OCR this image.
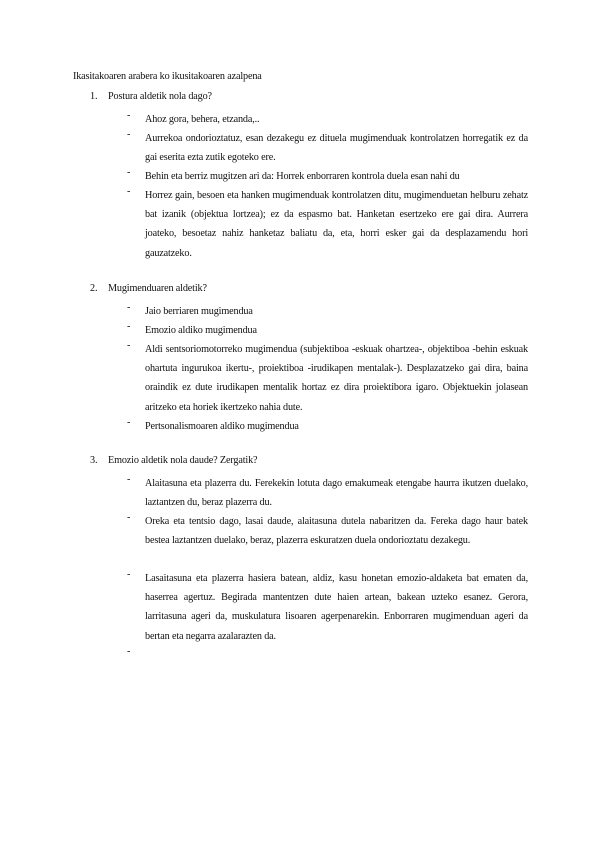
Ikasitakoaren arabera ko ikusitakoaren azalpena
1. Postura aldetik nola dago?
- Ahoz gora, behera, etzanda,..
- Aurrekoa ondorioztatuz, esan dezakegu ez dituela mugimenduak kontrolatzen horregatik ez da gai eserita ezta zutik egoteko ere.
- Behin eta berriz mugitzen ari da: Horrek enborraren kontrola duela esan nahi du
- Horrez gain, besoen eta hanken mugimenduak kontrolatzen ditu, mugimenduetan helburu zehatz bat izanik (objektua lortzea); ez da espasmo bat. Hanketan esertzeko ere gai dira. Aurrera joateko, besoetaz nahiz hanketaz baliatu da, eta, horri esker gai da desplazamendu hori gauzatzeko.
2. Mugimenduaren aldetik?
- Jaio berriaren mugimendua
- Emozio aldiko mugimendua
- Aldi sentsoriomotorreko mugimendua (subjektiboa -eskuak ohartzea-, objektiboa -behin eskuak ohartuta ingurukoa ikertu-, proiektiboa -irudikapen mentalak-). Desplazatzeko gai dira, baina oraindik ez dute irudikapen mentalik hortaz ez dira proiektibora igaro. Objektuekin jolasean aritzeko eta horiek ikertzeko nahia dute.
- Pertsonalismoaren aldiko mugimendua
3. Emozio aldetik nola daude? Zergatik?
- Alaitasuna eta plazerra du. Ferekekin lotuta dago emakumeak etengabe haurra ikutzen duelako, laztantzen du, beraz plazerra du.
- Oreka eta tentsio dago, lasai daude, alaitasuna dutela nabaritzen da. Fereka dago haur batek bestea laztantzen duelako, beraz, plazerra eskuratzen duela ondorioztatu dezakegu.
- Lasaitasuna eta plazerra hasiera batean, aldiz, kasu honetan emozio-aldaketa bat ematen da, haserrea agertuz. Begirada mantentzen dute haien artean, bakean uzteko esanez. Gerora, larritasuna ageri da, muskulatura lisoaren agerpenarekin. Enborraren mugimenduan ageri da bertan eta negarra azalarazten da.
-
